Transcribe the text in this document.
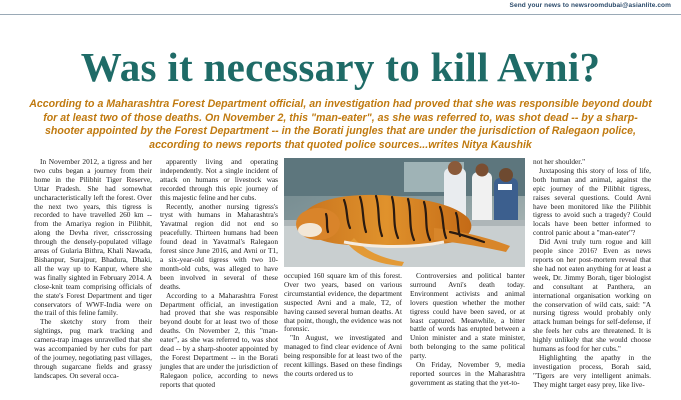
Send your news to newsroomdubai@asianlite.com
Was it necessary to kill Avni?
According to a Maharashtra Forest Department official, an investigation had proved that she was responsible beyond doubt for at least two of those deaths. On November 2, this "man-eater", as she was referred to, was shot dead -- by a sharp-shooter appointed by the Forest Department -- in the Borati jungles that are under the jurisdiction of Ralegaon police, according to news reports that quoted police sources...writes Nitya Kaushik

In November 2012, a tigress and her two cubs began a journey from their home in the Pilibhit Tiger Reserve, Uttar Pradesh. She had somewhat uncharacteristically left the forest. Over the next two years, this tigress is recorded to have travelled 260 km -- from the Amariya region in Pilibhit, along the Devha river, crisscrossing through the densely-populated village areas of Gularia Bithra, Khali Nawada, Bishanpur, Surajpur, Bhadura, Dhaki, all the way up to Kanpur, where she was finally sighted in February 2014. A close-knit team comprising officials of the state's Forest Department and tiger conservators of WWF-India were on the trail of this feline family.

The sketchy story from their sightings, pug mark tracking and camera-trap images unravelled that she was accompanied by her cubs for part of the journey, negotiating past villages, through sugarcane fields and grassy landscapes. On several occa-

apparently living and operating independently. Not a single incident of attack on humans or livestock was recorded through this epic journey of this majestic feline and her cubs.

Recently, another nursing tigress's tryst with humans in Maharashtra's Yavatmal region did not end so peacefully. Thirteen humans had been found dead in Yavatmal's Ralegaon forest since June 2016, and Avni or T1, a six-year-old tigress with two 10-month-old cubs, was alleged to have been involved in several of these deaths.

According to a Maharashtra Forest Department official, an investigation had proved that she was responsible beyond doubt for at least two of those deaths. On November 2, this "man-eater", as she was referred to, was shot dead -- by a sharp-shooter appointed by the Forest Department -- in the Borati jungles that are under the jurisdiction of Ralegaon police, according to news reports that quoted

occupied 160 square km of this forest. Over two years, based on various circumstantial evidence, the department suspected Avni and a male, T2, of having caused several human deaths. At that point, though, the evidence was not forensic.

"In August, we investigated and managed to find clear evidence of Avni being responsible for at least two of the recent killings. Based on these findings the courts ordered us to

Controversies and political banter surround Avni's death today. Environment activists and animal lovers question whether the mother tigress could have been saved, or at least captured. Meanwhile, a bitter battle of words has erupted between a Union minister and a state minister, both belonging to the same political party.

On Friday, November 9, media reported sources in the Maharashtra government as stating that the yet-to-

not her shoulder."

Juxtaposing this story of loss of life, both human and animal, against the epic journey of the Pilibhit tigress, raises several questions. Could Avni have been monitored like the Pilibhit tigress to avoid such a tragedy? Could locals have been better informed to control panic about a "man-eater"?

Did Avni truly turn rogue and kill people since 2016? Even as news reports on her post-mortem reveal that she had not eaten anything for at least a week, Dr. Jimmy Borah, tiger biologist and consultant at Panthera, an international organisation working on the conservation of wild cats, said: "A nursing tigress would probably only attack human beings for self-defense, if she feels her cubs are threatened. It is highly unlikely that she would choose humans as food for her cubs."

Highlighting the apathy in the investigation process, Borah said, "Tigers are very intelligent animals. They might target easy prey, like live-
